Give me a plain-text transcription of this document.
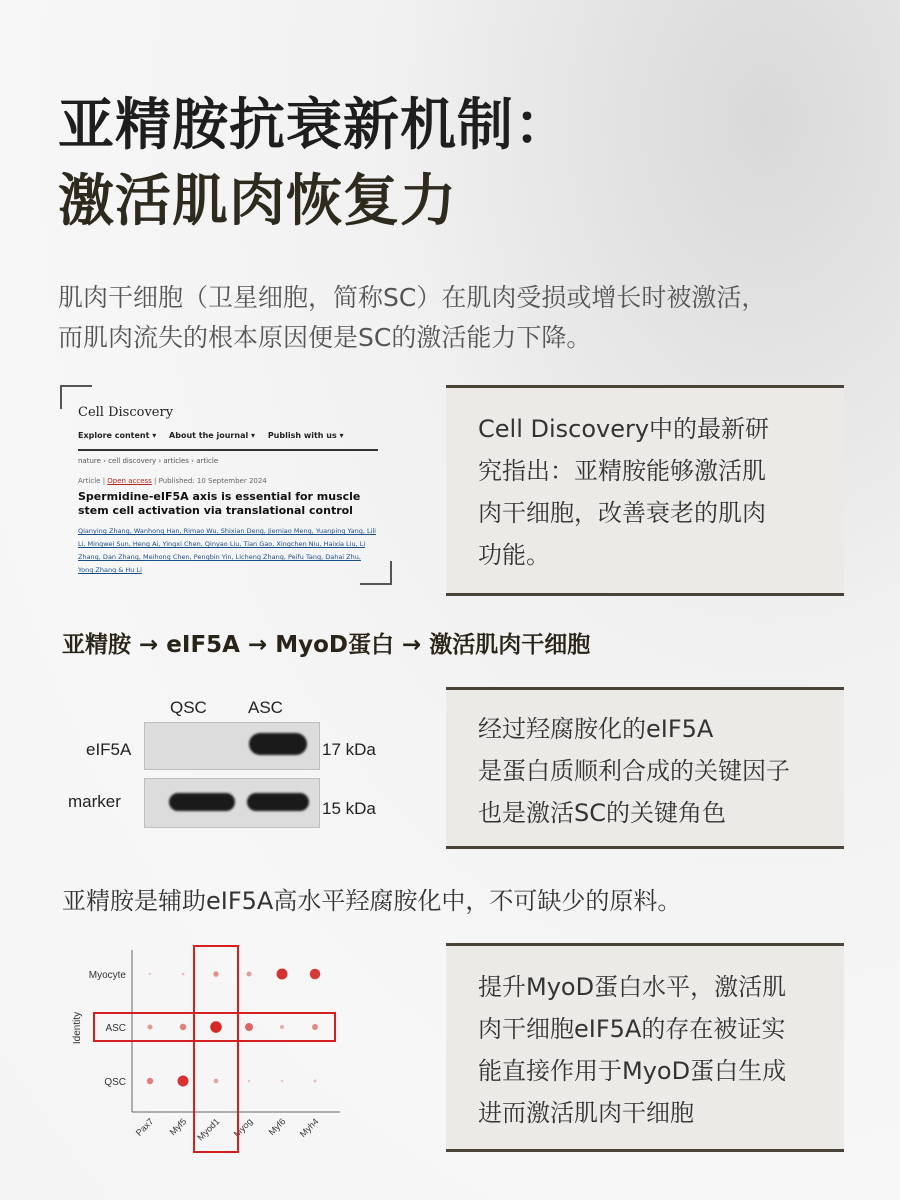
亚精胺抗衰新机制：
激活肌肉恢复力
肌肉干细胞（卫星细胞，简称SC）在肌肉受损或增长时被激活，
而肌肉流失的根本原因便是SC的激活能力下降。
Cell Discovery
Explore content ▾ About the journal ▾ Publish with us ▾
nature › cell discovery › articles › article
Article | Open access | Published: 10 September 2024
Spermidine-eIF5A axis is essential for muscle stem cell activation via translational control
Qianying Zhang, Wanhong Han, Rimao Wu, Shixian Deng, Jiemiao Meng, Yuanping Yang, Lili Li, Mingwei Sun, Heng Ai, Yingxi Chen, Qinyao Liu, Tian Gao, Xingchen Niu, Haixia Liu, Li Zhang, Dan Zhang, Meihong Chen, Pengbin Yin, Licheng Zhang, Peifu Tang, Dahai Zhu, Yong Zhang & Hu Li
Cell Discovery中的最新研
究指出：亚精胺能够激活肌
肉干细胞，改善衰老的肌肉
功能。
亚精胺 → eIF5A → MyoD蛋白 → 激活肌肉干细胞
QSC ASC
eIF5A
marker
17 kDa
15 kDa
经过羟腐胺化的eIF5A
是蛋白质顺利合成的关键因子
也是激活SC的关键角色
亚精胺是辅助eIF5A高水平羟腐胺化中，不可缺少的原料。
Identity
Myocyte
ASC
QSC
Pax7 Myf5 Myod1 Myog Myf6 Myh4
提升MyoD蛋白水平，激活肌
肉干细胞eIF5A的存在被证实
能直接作用于MyoD蛋白生成
进而激活肌肉干细胞
